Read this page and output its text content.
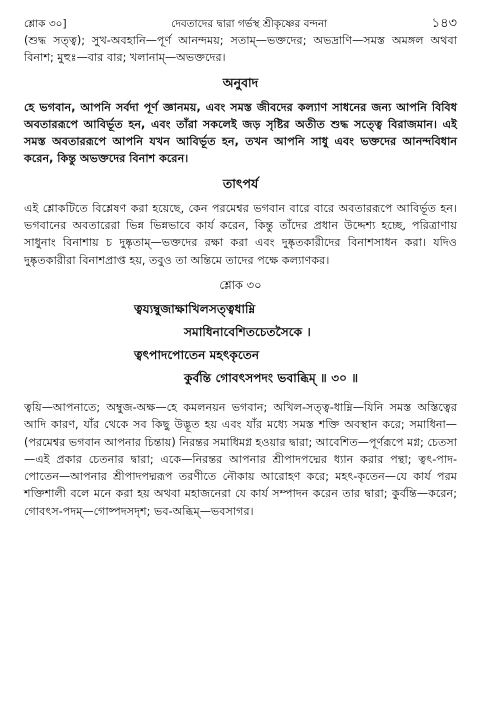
শ্লোক ৩০]	দেবতাদের দ্বারা গর্ভস্থ শ্রীকৃষ্ণের বন্দনা	১৪৩

(শুদ্ধ সত্ত্ব); সুখ-অবহানি—পূর্ণ আনন্দময়; সতাম্—ভক্তদের; অভদ্রাণি—সমস্ত অমঙ্গল অথবা বিনাশ; মুহুঃ—বার বার; খলানাম্—অভক্তদের।

অনুবাদ

হে ভগবান, আপনি সর্বদা পূর্ণ জ্ঞানময়, এবং সমস্ত জীবদের কল্যাণ সাধনের জন্য আপনি বিবিধ অবতাররূপে আবির্ভূত হন, এবং তাঁরা সকলেই জড় সৃষ্টির অতীত শুদ্ধ সত্ত্বে বিরাজমান। এই সমস্ত অবতাররূপে আপনি যখন আবির্ভূত হন, তখন আপনি সাধু এবং ভক্তদের আনন্দবিধান করেন, কিন্তু অভক্তদের বিনাশ করেন।

তাৎপর্য

এই শ্লোকটিতে বিশ্লেষণ করা হয়েছে, কেন পরমেশ্বর ভগবান বারে বারে অবতাররূপে আবির্ভূত হন। ভগবানের অবতারেরা ভিন্ন ভিন্নভাবে কার্য করেন, কিন্তু তাঁদের প্রধান উদ্দেশ্য হচ্ছে, পরিত্রাণায় সাধুনাং বিনাশায় চ দুষ্কৃতাম্—ভক্তদের রক্ষা করা এবং দুষ্কৃতকারীদের বিনাশসাধন করা। যদিও দুষ্কৃতকারীরা বিনাশপ্রাপ্ত হয়, তবুও তা অন্তিমে তাদের পক্ষে কল্যাণকর।

শ্লোক ৩০
ত্বয্যম্বুজাক্ষাখিলসত্ত্বধাম্নি
সমাধিনাবেশিতচেতসৈকে ।
ত্বৎপাদপোতেন মহৎকৃতেন
কুর্বন্তি গোবৎসপদং ভবাব্ধিম্ ॥ ৩০ ॥

ত্বয়ি—আপনাতে; অম্বুজ-অক্ষ—হে কমলনয়ন ভগবান; অখিল-সত্ত্ব-ধাম্নি—যিনি সমস্ত অস্তিত্বের আদি কারণ, যাঁর থেকে সব কিছু উদ্ভূত হয় এবং যাঁর মধ্যে সমস্ত শক্তি অবস্থান করে; সমাধিনা—(পরমেশ্বর ভগবান আপনার চিন্তায়) নিরন্তর সমাধিমগ্ন হওয়ার দ্বারা; আবেশিত—পূর্ণরূপে মগ্ন; চেতসা—এই প্রকার চেতনার দ্বারা; একে—নিরন্তর আপনার শ্রীপাদপদ্মের ধ্যান করার পন্থা; ত্বৎ-পাদ-পোতেন—আপনার শ্রীপাদপদ্মরূপ তরণীতে নৌকায় আরোহণ করে; মহৎ-কৃতেন—যে কার্য পরম শক্তিশালী বলে মনে করা হয় অথবা মহাজনেরা যে কার্য সম্পাদন করেন তার দ্বারা; কুর্বন্তি—করেন; গোবৎস-পদম্—গোষ্পদসদৃশ; ভব-অব্ধিম্—ভবসাগর।
